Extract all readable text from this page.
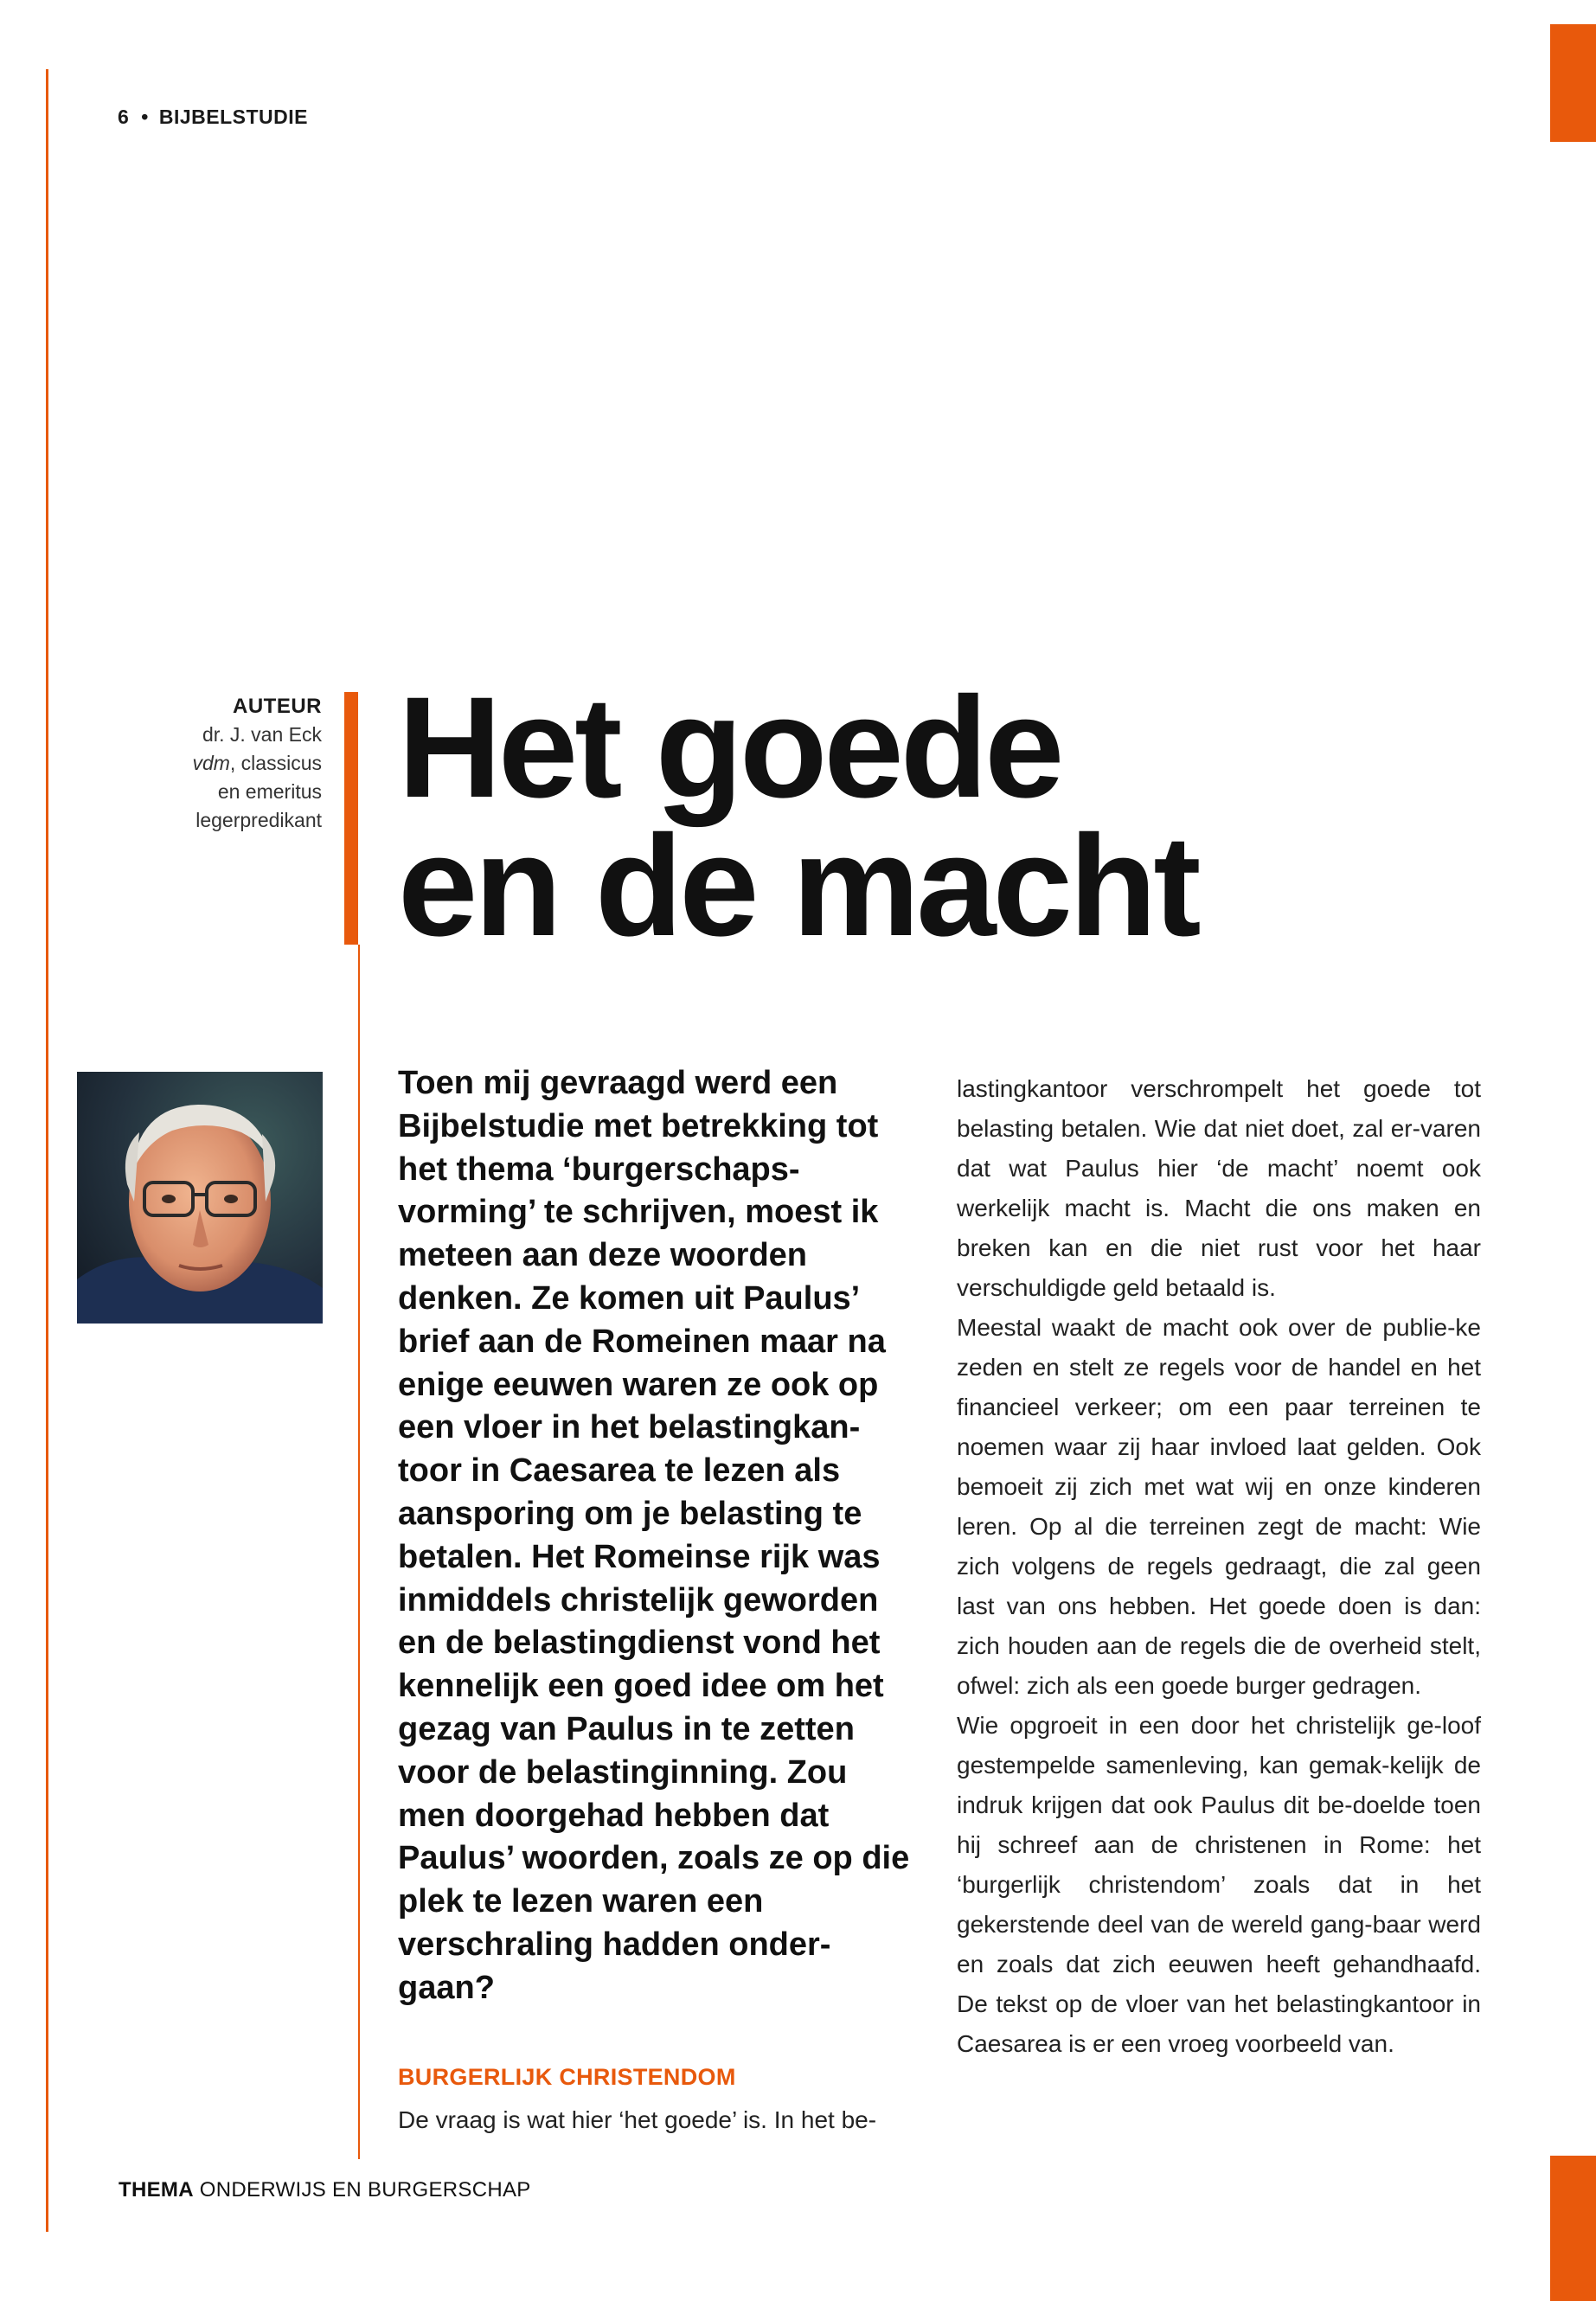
6 • BIJBELSTUDIE
AUTEUR
dr. J. van Eck
vdm, classicus
en emeritus
legerpredikant Het goede
en de macht

Toen mij gevraagd werd een Bijbelstudie met betrekking tot het thema ‘burgerschaps-vorming’ te schrijven, moest ik meteen aan deze woorden denken. Ze komen uit Paulus’ brief aan de Romeinen maar na enige eeuwen waren ze ook op een vloer in het belastingkan-toor in Caesarea te lezen als aansporing om je belasting te betalen. Het Romeinse rijk was inmiddels christelijk geworden en de belastingdienst vond het kennelijk een goed idee om het gezag van Paulus in te zetten voor de belastinginning. Zou men doorgehad hebben dat Paulus’ woorden, zoals ze op die plek te lezen waren een verschraling hadden onder-gaan?

BURGERLIJK CHRISTENDOM
De vraag is wat hier ‘het goede’ is. In het be-

lastingkantoor verschrompelt het goede tot belasting betalen. Wie dat niet doet, zal er-varen dat wat Paulus hier ‘de macht’ noemt ook werkelijk macht is. Macht die ons maken en breken kan en die niet rust voor het haar verschuldigde geld betaald is.

Meestal waakt de macht ook over de publie-ke zeden en stelt ze regels voor de handel en het financieel verkeer; om een paar terreinen te noemen waar zij haar invloed laat gelden. Ook bemoeit zij zich met wat wij en onze kinderen leren. Op al die terreinen zegt de macht: Wie zich volgens de regels gedraagt, die zal geen last van ons hebben. Het goede doen is dan: zich houden aan de regels die de overheid stelt, ofwel: zich als een goede burger gedragen.

Wie opgroeit in een door het christelijk ge-loof gestempelde samenleving, kan gemak-kelijk de indruk krijgen dat ook Paulus dit be-doelde toen hij schreef aan de christenen in Rome: het ‘burgerlijk christendom’ zoals dat in het gekerstende deel van de wereld gang-baar werd en zoals dat zich eeuwen heeft gehandhaafd. De tekst op de vloer van het belastingkantoor in Caesarea is er een vroeg voorbeeld van.

THEMA ONDERWIJS EN BURGERSCHAP
